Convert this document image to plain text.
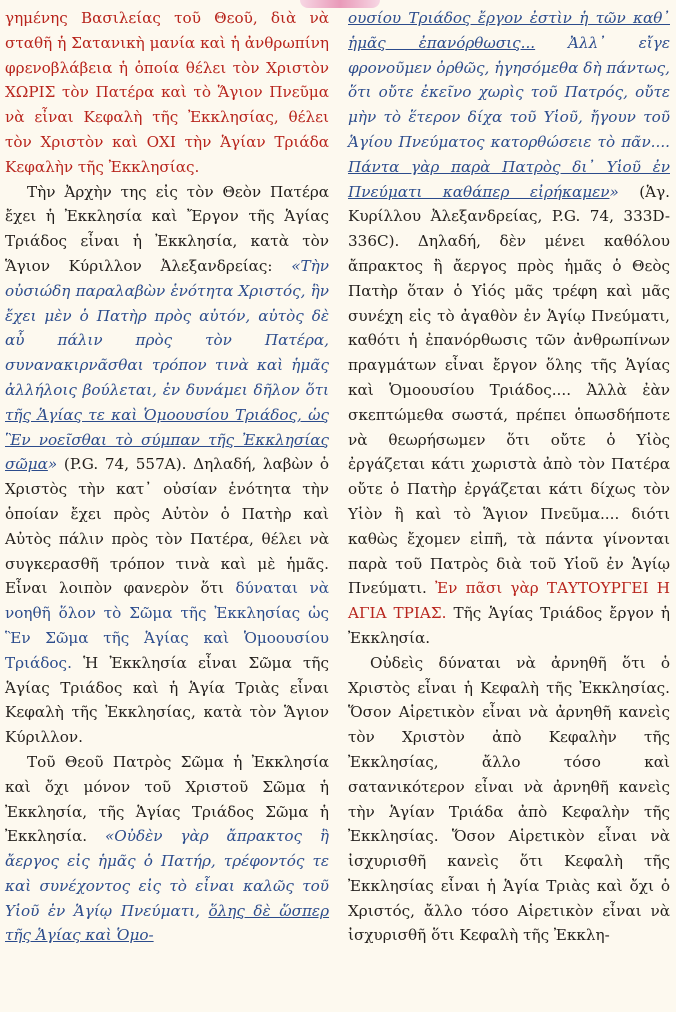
γημένης Βασιλείας τοῦ Θεοῦ, διὰ νὰ σταθῆ ἡ Σατανικὴ μανία καὶ ἡ ἀνθρωπίνη φρενοβλάβεια ἡ ὁποία θέλει τὸν Χριστὸν ΧΩΡΙΣ τὸν Πατέρα καὶ τὸ Ἅγιον Πνεῦμα νὰ εἶναι Κεφαλὴ τῆς Ἐκκλησίας, θέλει τὸν Χριστὸν καὶ ΟΧΙ τὴν Ἁγίαν Τριάδα Κεφαλὴν τῆς Ἐκκλησίας.

Τὴν Ἀρχὴν της εἰς τὸν Θεὸν Πατέρα ἔχει ἡ Ἐκκλησία καὶ Ἔργον τῆς Ἁγίας Τριάδος εἶναι ἡ Ἐκκλησία, κατὰ τὸν Ἅγιον Κύριλλον Ἀλεξανδρείας: «Τὴν οὐσιώδη παραλαβὼν ἑνότητα Χριστός, ἣν ἔχει μὲν ὁ Πατὴρ πρὸς αὐτόν, αὐτὸς δὲ αὖ πάλιν πρὸς τὸν Πατέρα, συνανακιρνᾶσθαι τρόπον τινὰ καὶ ἡμᾶς ἀλλήλοις βούλεται, ἐν δυνάμει δῆλον ὅτι τῆς Ἁγίας τε καὶ Ὁμοουσίου Τριάδος, ὡς Ἓν νοεῖσθαι τὸ σύμπαν τῆς Ἐκκλησίας σῶμα» (P.G. 74, 557A). Δηλαδή, λαβὼν ὁ Χριστὸς τὴν κατ᾽ οὐσίαν ἑνότητα τὴν ὁποίαν ἔχει πρὸς Αὐτὸν ὁ Πατὴρ καὶ Αὐτὸς πάλιν πρὸς τὸν Πατέρα, θέλει νὰ συγκερασθῆ τρόπον τινὰ καὶ μὲ ἡμᾶς. Εἶναι λοιπὸν φανερὸν ὅτι δύναται νὰ νοηθῆ ὅλον τὸ Σῶμα τῆς Ἐκκλησίας ὡς Ἓν Σῶμα τῆς Ἁγίας καὶ Ὁμοουσίου Τριάδος. Ἡ Ἐκκλησία εἶναι Σῶμα τῆς Ἁγίας Τριάδος καὶ ἡ Ἁγία Τριὰς εἶναι Κεφαλὴ τῆς Ἐκκλησίας, κατὰ τὸν Ἅγιον Κύριλλον.

Τοῦ Θεοῦ Πατρὸς Σῶμα ἡ Ἐκκλησία καὶ ὄχι μόνον τοῦ Χριστοῦ Σῶμα ἡ Ἐκκλησία, τῆς Ἁγίας Τριάδος Σῶμα ἡ Ἐκκλησία. «Οὐδὲν γὰρ ἄπρακτος ἢ ἄεργος εἰς ἡμᾶς ὁ Πατήρ, τρέφοντός τε καὶ συνέχοντος εἰς τὸ εἶναι καλῶς τοῦ Υἱοῦ ἐν Ἁγίῳ Πνεύματι, ὅλης δὲ ὥσπερ τῆς Ἁγίας καὶ Ὁμο-

ουσίου Τριάδος ἔργον ἐστὶν ἡ τῶν καθ᾽ ἡμᾶς ἐπανόρθωσις... Ἀλλ᾽ εἴγε φρονοῦμεν ὀρθῶς, ἡγησόμεθα δὴ πάντως, ὅτι οὔτε ἐκεῖνο χωρὶς τοῦ Πατρός, οὔτε μὴν τὸ ἕτερον δίχα τοῦ Υἱοῦ, ἤγουν τοῦ Ἁγίου Πνεύματος κατορθώσειε τὸ πᾶν.... Πάντα γὰρ παρὰ Πατρὸς δι᾽ Υἱοῦ ἐν Πνεύματι καθάπερ εἰρήκαμεν» (Ἁγ. Κυρίλλου Ἀλεξανδρείας, P.G. 74, 333D-336C). Δηλαδή, δὲν μένει καθόλου ἄπρακτος ἢ ἄεργος πρὸς ἡμᾶς ὁ Θεὸς Πατὴρ ὅταν ὁ Υἱός μᾶς τρέφη καὶ μᾶς συνέχη εἰς τὸ ἀγαθὸν ἐν Ἁγίῳ Πνεύματι, καθότι ἡ ἐπανόρθωσις τῶν ἀνθρωπίνων πραγμάτων εἶναι ἔργον ὅλης τῆς Ἁγίας καὶ Ὁμοουσίου Τριάδος.... Ἀλλὰ ἐὰν σκεπτώμεθα σωστά, πρέπει ὁπωσδήποτε νὰ θεωρήσωμεν ὅτι οὔτε ὁ Υἱὸς ἐργάζεται κάτι χωριστὰ ἀπὸ τὸν Πατέρα οὔτε ὁ Πατὴρ ἐργάζεται κάτι δίχως τὸν Υἱὸν ἢ καὶ τὸ Ἅγιον Πνεῦμα.... διότι καθὼς ἔχομεν εἰπῆ, τὰ πάντα γίνονται παρὰ τοῦ Πατρὸς διὰ τοῦ Υἱοῦ ἐν Ἁγίῳ Πνεύματι. Ἐν πᾶσι γὰρ ΤΑΥΤΟΥΡΓΕΙ Η ΑΓΙΑ ΤΡΙΑΣ. Τῆς Ἁγίας Τριάδος ἔργον ἡ Ἐκκλησία.

Οὐδεὶς δύναται νὰ ἀρνηθῆ ὅτι ὁ Χριστὸς εἶναι ἡ Κεφαλὴ τῆς Ἐκκλησίας. Ὅσον Αἱρετικὸν εἶναι νὰ ἀρνηθῆ κανεὶς τὸν Χριστὸν ἀπὸ Κεφαλὴν τῆς Ἐκκλησίας, ἄλλο τόσο καὶ σατανικότερον εἶναι νὰ ἀρνηθῆ κανεὶς τὴν Ἁγίαν Τριάδα ἀπὸ Κεφαλὴν τῆς Ἐκκλησίας. Ὅσον Αἱρετικὸν εἶναι νὰ ἰσχυρισθῆ κανεὶς ὅτι Κεφαλὴ τῆς Ἐκκλησίας εἶναι ἡ Ἁγία Τριὰς καὶ ὄχι ὁ Χριστός, ἄλλο τόσο Αἱρετικὸν εἶναι νὰ ἰσχυρισθῆ ὅτι Κεφαλὴ τῆς Ἐκκλη-
